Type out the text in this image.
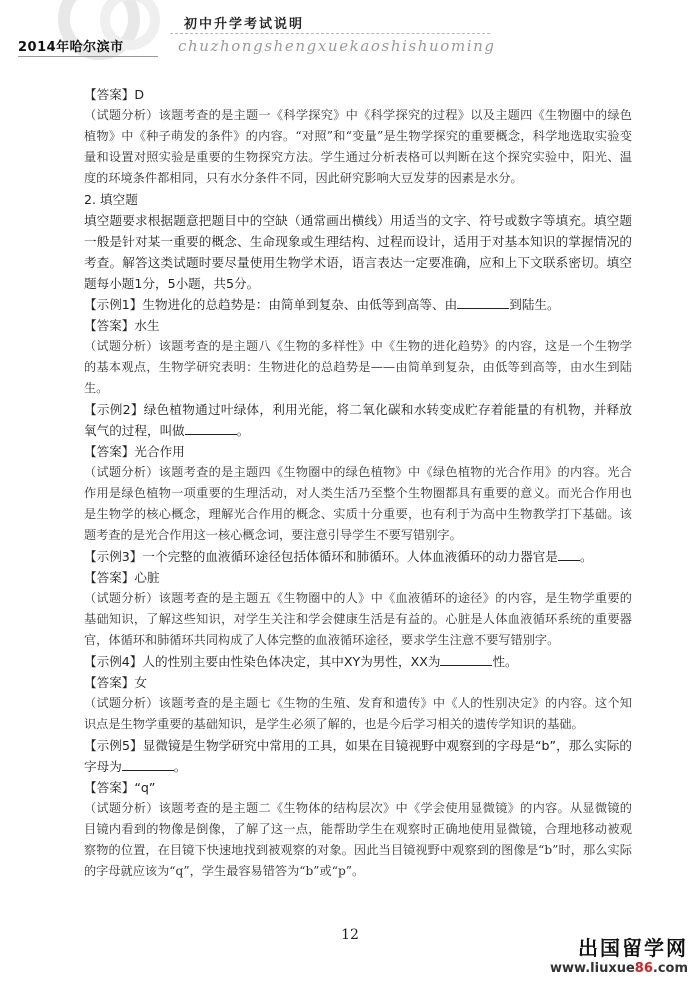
初中升学考试说明
2014年哈尔滨市	chuzhongshengxuekaoshishuoming

【答案】D

（试题分析）该题考查的是主题一《科学探究》中《科学探究的过程》以及主题四《生物圈中的绿色植物》中《种子萌发的条件》的内容。“对照”和“变量”是生物学探究的重要概念，科学地选取实验变量和设置对照实验是重要的生物探究方法。学生通过分析表格可以判断在这个探究实验中，阳光、温度的环境条件都相同，只有水分条件不同，因此研究影响大豆发芽的因素是水分。

2. 填空题

填空题要求根据题意把题目中的空缺（通常画出横线）用适当的文字、符号或数字等填充。填空题一般是针对某一重要的概念、生命现象或生理结构、过程而设计，适用于对基本知识的掌握情况的考查。解答这类试题时要尽量使用生物学术语，语言表达一定要准确，应和上下文联系密切。填空题每小题1分，5小题，共5分。

【示例1】生物进化的总趋势是：由简单到复杂、由低等到高等、由	到陆生。

【答案】水生

（试题分析）该题考查的是主题八《生物的多样性》中《生物的进化趋势》的内容，这是一个生物学的基本观点，生物学研究表明：生物进化的总趋势是——由简单到复杂，由低等到高等，由水生到陆生。

【示例2】绿色植物通过叶绿体，利用光能，将二氧化碳和水转变成贮存着能量的有机物，并释放氧气的过程，叫做	。

【答案】光合作用

（试题分析）该题考查的是主题四《生物圈中的绿色植物》中《绿色植物的光合作用》的内容。光合作用是绿色植物一项重要的生理活动，对人类生活乃至整个生物圈都具有重要的意义。而光合作用也是生物学的核心概念，理解光合作用的概念、实质十分重要，也有利于为高中生物教学打下基础。该题考查的是光合作用这一核心概念词，要注意引导学生不要写错别字。

【示例3】一个完整的血液循环途径包括体循环和肺循环。人体血液循环的动力器官是 。

【答案】心脏

（试题分析）该题考查的是主题五《生物圈中的人》中《血液循环的途径》的内容，是生物学重要的基础知识，了解这些知识，对学生关注和学会健康生活是有益的。心脏是人体血液循环系统的重要器官，体循环和肺循环共同构成了人体完整的血液循环途径，要求学生注意不要写错别字。

【示例4】人的性别主要由性染色体决定，其中XY为男性，XX为	性。

【答案】女

（试题分析）该题考查的是主题七《生物的生殖、发育和遗传》中《人的性别决定》的内容。这个知识点是生物学重要的基础知识，是学生必须了解的，也是今后学习相关的遗传学知识的基础。

【示例5】显微镜是生物学研究中常用的工具，如果在目镜视野中观察到的字母是“b”，那么实际的字母为	。

【答案】“q”

（试题分析）该题考查的是主题二《生物体的结构层次》中《学会使用显微镜》的内容。从显微镜的目镜内看到的物像是倒像，了解了这一点，能帮助学生在观察时正确地使用显微镜，合理地移动被观察物的位置，在目镜下快速地找到被观察的对象。因此当目镜视野中观察到的图像是“b”时，那么实际的字母就应该为“q”，学生最容易错答为“b”或“p”。

12
出国留学网
www.liuxue86.com
